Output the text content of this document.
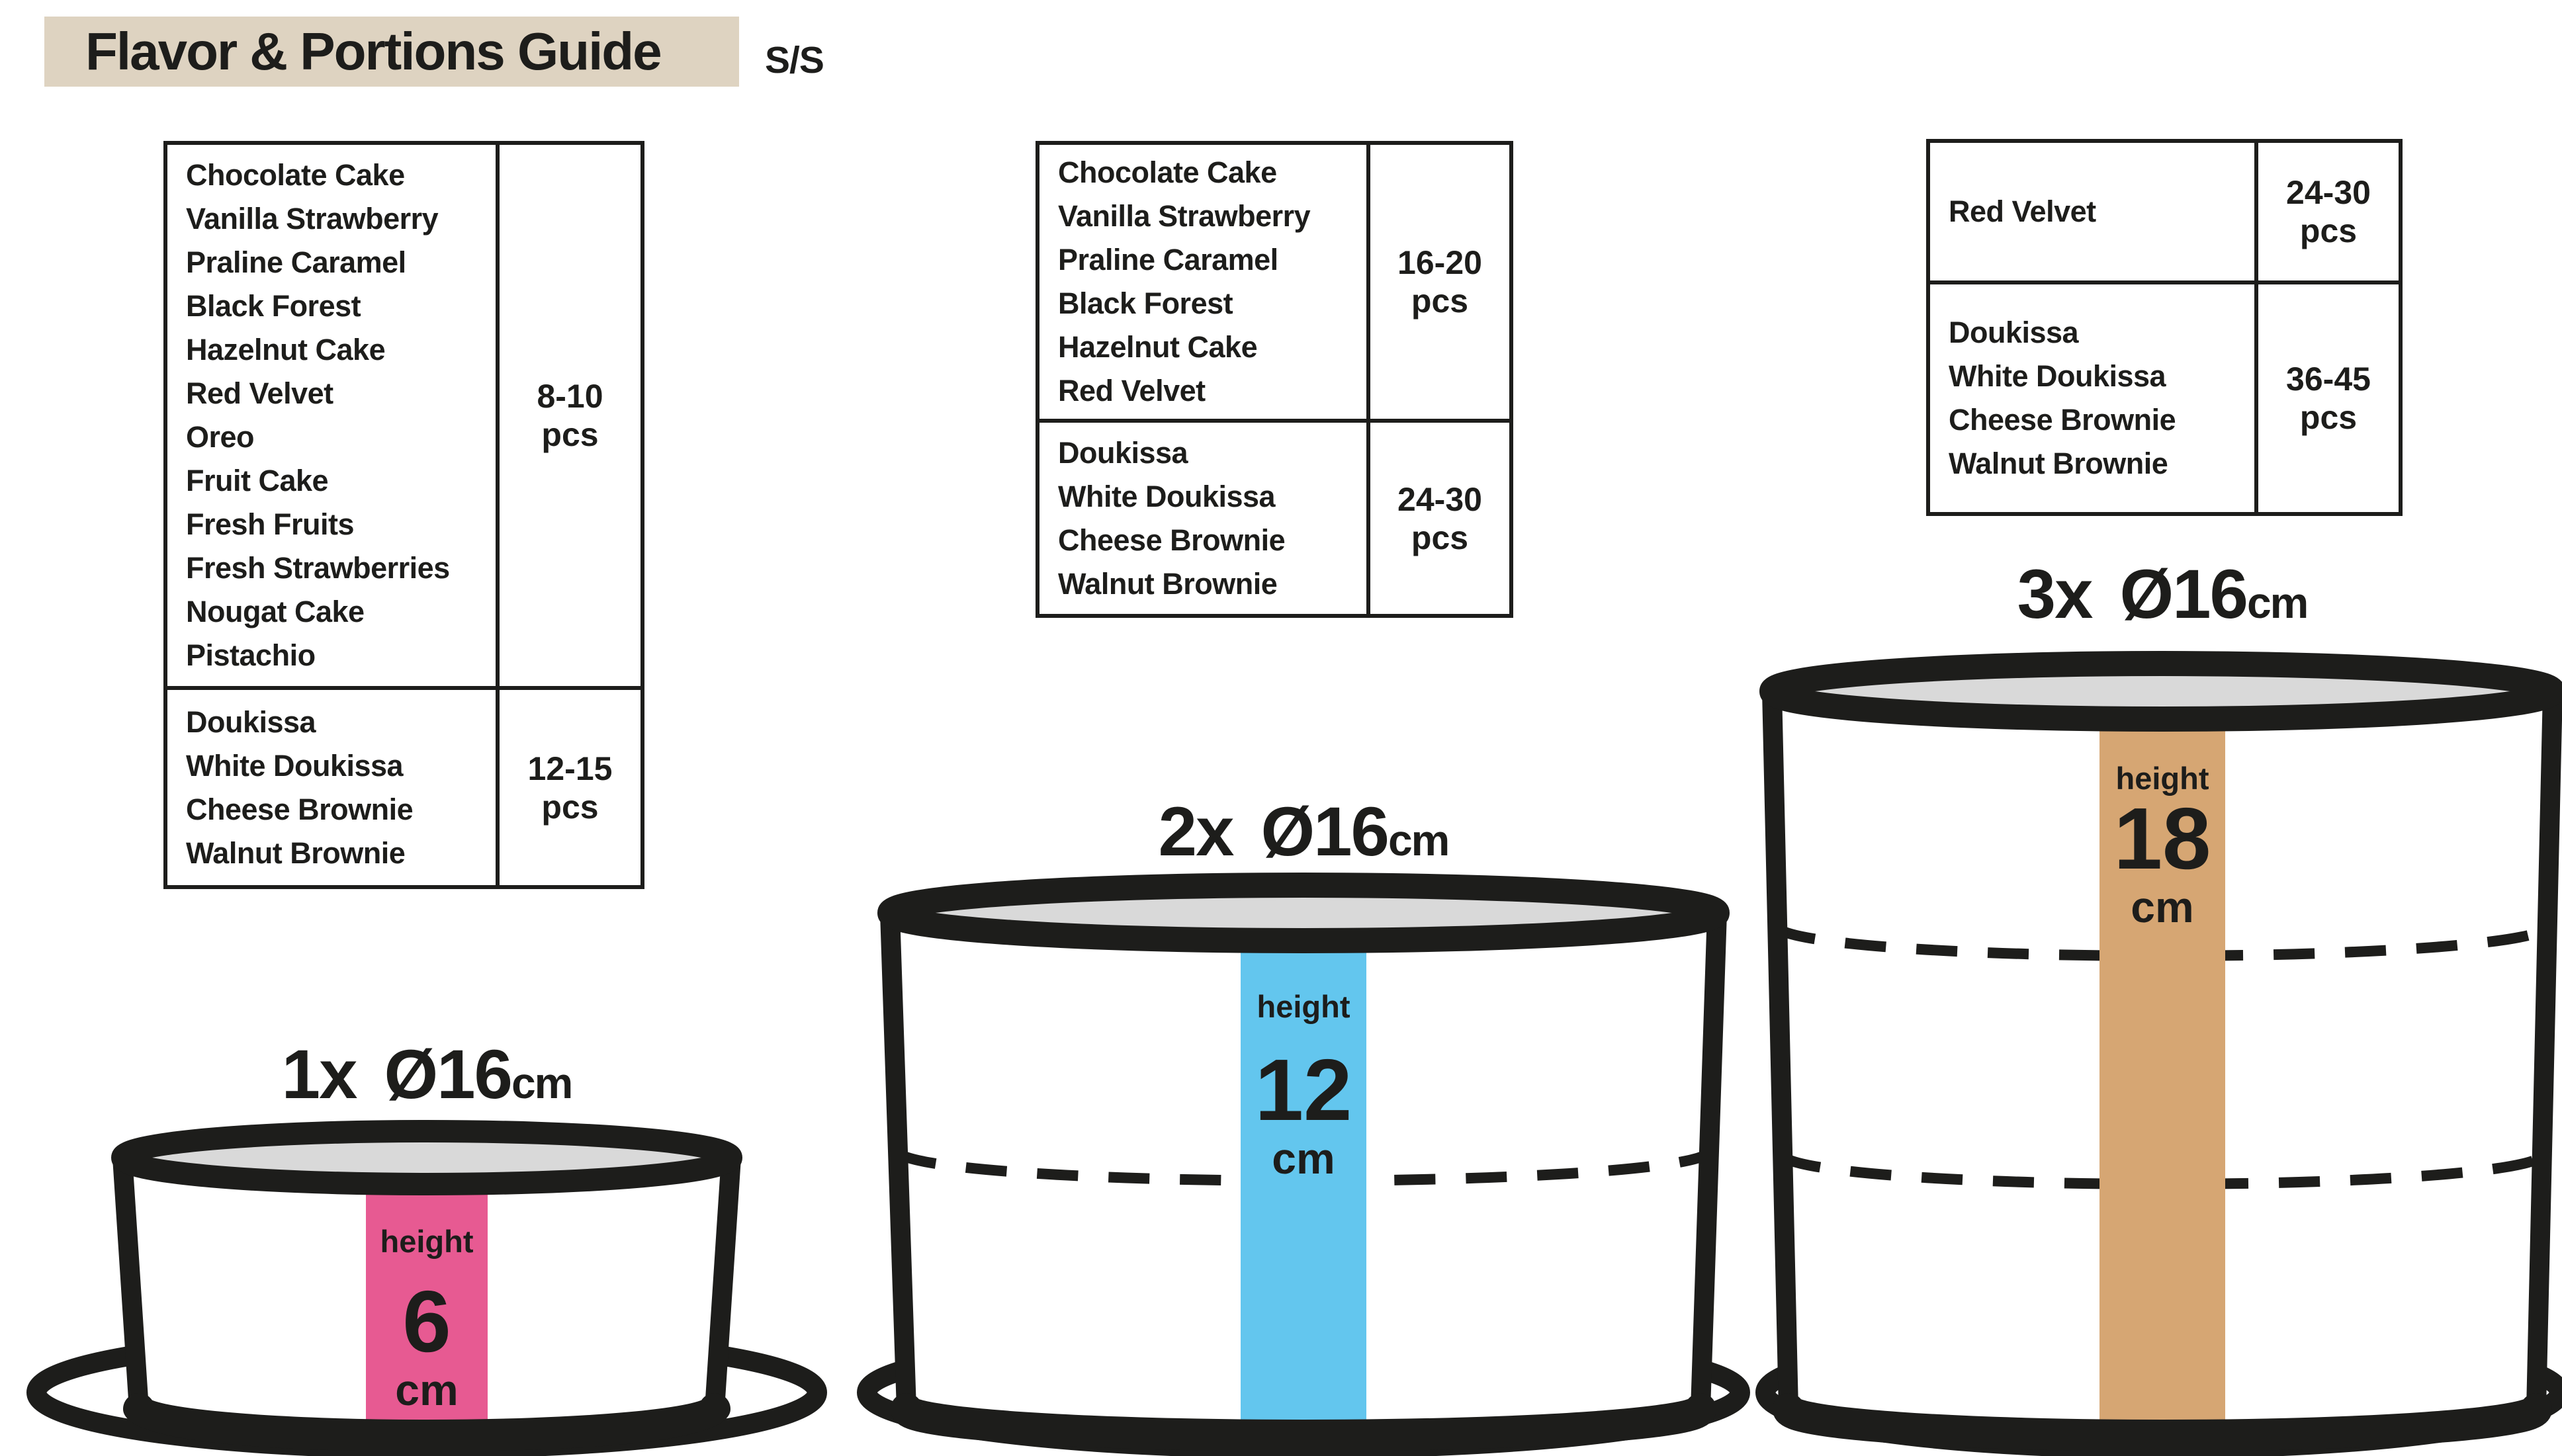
1x Ø16cm
height
6
cm
2x Ø16cm
height
12
cm
3x Ø16cm
height
18
cm
Flavor & Portions Guide	S/S
Chocolate Cake
Vanilla Strawberry
Praline Caramel
Black Forest
Hazelnut Cake
Red Velvet
Oreo
Fruit Cake
Fresh Fruits
Fresh Strawberries
Nougat Cake
Pistachio
8-10
pcs
Doukissa
White Doukissa
Cheese Brownie
Walnut Brownie
12-15
pcs
Chocolate Cake
Vanilla Strawberry
Praline Caramel
Black Forest
Hazelnut Cake
Red Velvet
16-20
pcs
Doukissa
White Doukissa
Cheese Brownie
Walnut Brownie
24-30
pcs
Red Velvet
24-30
pcs
Doukissa
White Doukissa
Cheese Brownie
Walnut Brownie
36-45
pcs
